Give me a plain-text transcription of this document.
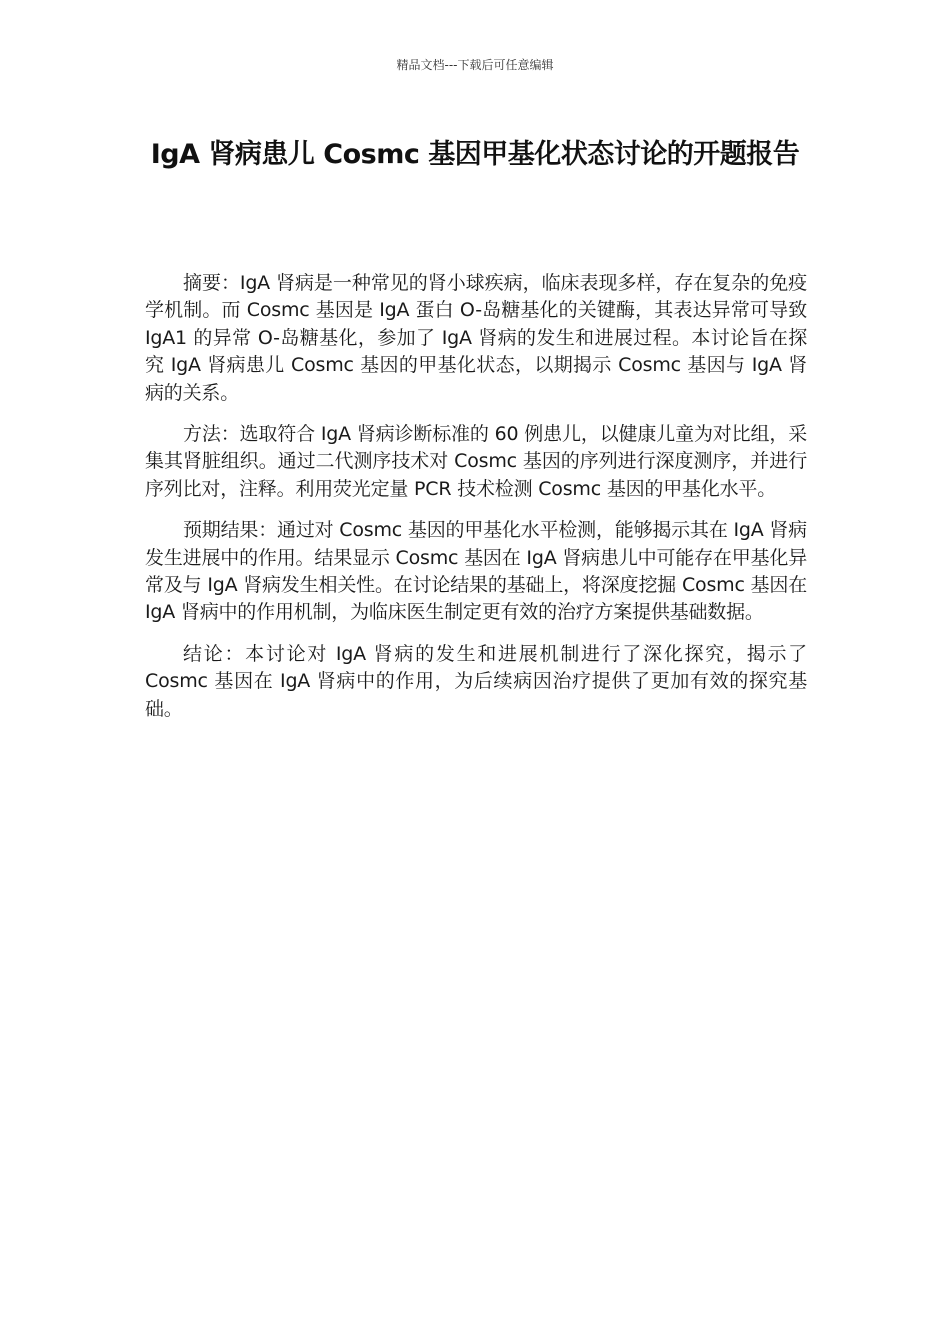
精品文档---下载后可任意编辑
IgA 肾病患儿 Cosmc 基因甲基化状态讨论的开题报告

摘要：IgA 肾病是一种常见的肾小球疾病，临床表现多样，存在复杂的免疫学机制。而 Cosmc 基因是 IgA 蛋白 O-岛糖基化的关键酶，其表达异常可导致 IgA1 的异常 O-岛糖基化，参加了 IgA 肾病的发生和进展过程。本讨论旨在探究 IgA 肾病患儿 Cosmc 基因的甲基化状态，以期揭示 Cosmc 基因与 IgA 肾病的关系。

方法：选取符合 IgA 肾病诊断标准的 60 例患儿，以健康儿童为对比组，采集其肾脏组织。通过二代测序技术对 Cosmc 基因的序列进行深度测序，并进行序列比对，注释。利用荧光定量 PCR 技术检测 Cosmc 基因的甲基化水平。

预期结果：通过对 Cosmc 基因的甲基化水平检测，能够揭示其在 IgA 肾病发生进展中的作用。结果显示 Cosmc 基因在 IgA 肾病患儿中可能存在甲基化异常及与 IgA 肾病发生相关性。在讨论结果的基础上，将深度挖掘 Cosmc 基因在 IgA 肾病中的作用机制，为临床医生制定更有效的治疗方案提供基础数据。

结论：本讨论对 IgA 肾病的发生和进展机制进行了深化探究，揭示了 Cosmc 基因在 IgA 肾病中的作用，为后续病因治疗提供了更加有效的探究基础。
